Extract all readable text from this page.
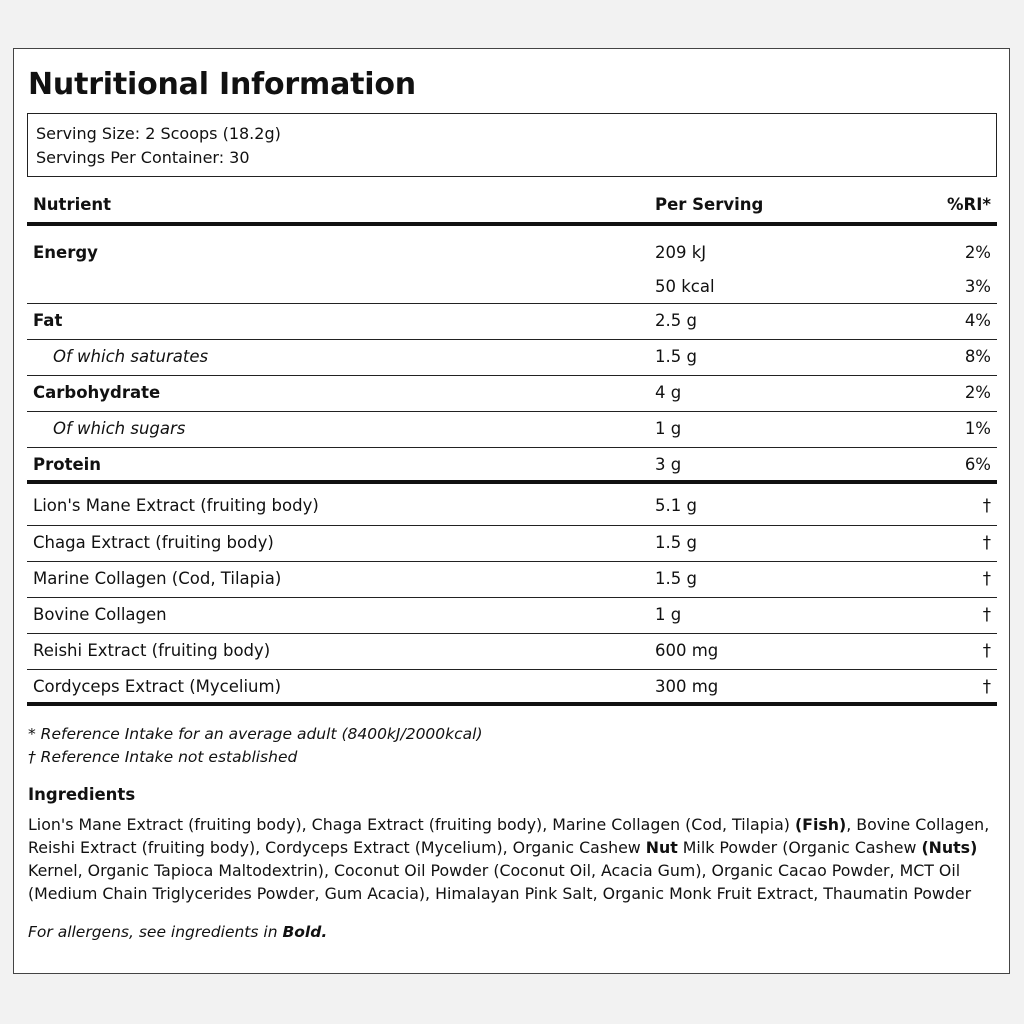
Nutritional Information
Serving Size: 2 Scoops (18.2g)
Servings Per Container: 30
Nutrient	Per Serving	%RI*
Energy	209 kJ	2%
50 kcal	3%
Fat	2.5 g	4%
Of which saturates	1.5 g	8%
Carbohydrate	4 g	2%
Of which sugars	1 g	1%
Protein	3 g	6%
Lion's Mane Extract (fruiting body)	5.1 g	†
Chaga Extract (fruiting body)	1.5 g	†
Marine Collagen (Cod, Tilapia)	1.5 g	†
Bovine Collagen	1 g	†
Reishi Extract (fruiting body)	600 mg	†
Cordyceps Extract (Mycelium)	300 mg	†
* Reference Intake for an average adult (8400kJ/2000kcal)
† Reference Intake not established
Ingredients
Lion's Mane Extract (fruiting body), Chaga Extract (fruiting body), Marine Collagen (Cod, Tilapia) (Fish), Bovine Collagen, Reishi Extract (fruiting body), Cordyceps Extract (Mycelium), Organic Cashew Nut Milk Powder (Organic Cashew (Nuts) Kernel, Organic Tapioca Maltodextrin), Coconut Oil Powder (Coconut Oil, Acacia Gum), Organic Cacao Powder, MCT Oil (Medium Chain Triglycerides Powder, Gum Acacia), Himalayan Pink Salt, Organic Monk Fruit Extract, Thaumatin Powder
For allergens, see ingredients in Bold.
